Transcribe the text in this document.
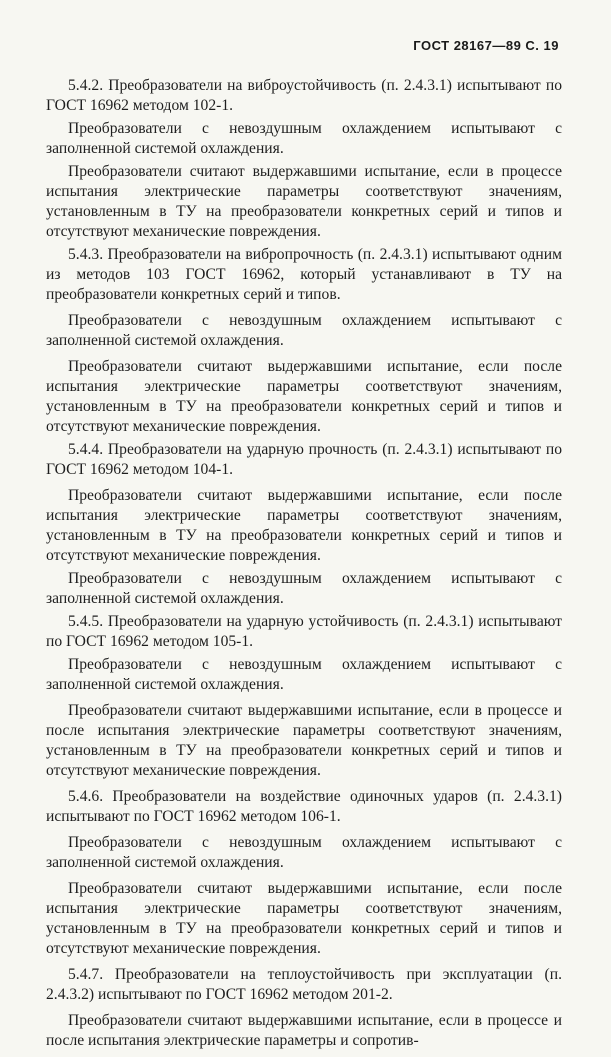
ГОСТ 28167—89 С. 19

5.4.2. Преобразователи на виброустойчивость (п. 2.4.3.1) испытывают по ГОСТ 16962 методом 102-1.

Преобразователи с невоздушным охлаждением испытывают с заполненной системой охлаждения.

Преобразователи считают выдержавшими испытание, если в процессе испытания электрические параметры соответствуют значениям, установленным в ТУ на преобразователи конкретных серий и типов и отсутствуют механические повреждения.

5.4.3. Преобразователи на вибропрочность (п. 2.4.3.1) испытывают одним из методов 103 ГОСТ 16962, который устанавливают в ТУ на преобразователи конкретных серий и типов.

Преобразователи с невоздушным охлаждением испытывают с заполненной системой охлаждения.

Преобразователи считают выдержавшими испытание, если после испытания электрические параметры соответствуют значениям, установленным в ТУ на преобразователи конкретных серий и типов и отсутствуют механические повреждения.

5.4.4. Преобразователи на ударную прочность (п. 2.4.3.1) испытывают по ГОСТ 16962 методом 104-1.

Преобразователи считают выдержавшими испытание, если после испытания электрические параметры соответствуют значениям, установленным в ТУ на преобразователи конкретных серий и типов и отсутствуют механические повреждения.

Преобразователи с невоздушным охлаждением испытывают с заполненной системой охлаждения.

5.4.5. Преобразователи на ударную устойчивость (п. 2.4.3.1) испытывают по ГОСТ 16962 методом 105-1.

Преобразователи с невоздушным охлаждением испытывают с заполненной системой охлаждения.

Преобразователи считают выдержавшими испытание, если в процессе и после испытания электрические параметры соответствуют значениям, установленным в ТУ на преобразователи конкретных серий и типов и отсутствуют механические повреждения.

5.4.6. Преобразователи на воздействие одиночных ударов (п. 2.4.3.1) испытывают по ГОСТ 16962 методом 106-1.

Преобразователи с невоздушным охлаждением испытывают с заполненной системой охлаждения.

Преобразователи считают выдержавшими испытание, если после испытания электрические параметры соответствуют значениям, установленным в ТУ на преобразователи конкретных серий и типов и отсутствуют механические повреждения.

5.4.7. Преобразователи на теплоустойчивость при эксплуатации (п. 2.4.3.2) испытывают по ГОСТ 16962 методом 201-2.

Преобразователи считают выдержавшими испытание, если в процессе и после испытания электрические параметры и сопротив-
